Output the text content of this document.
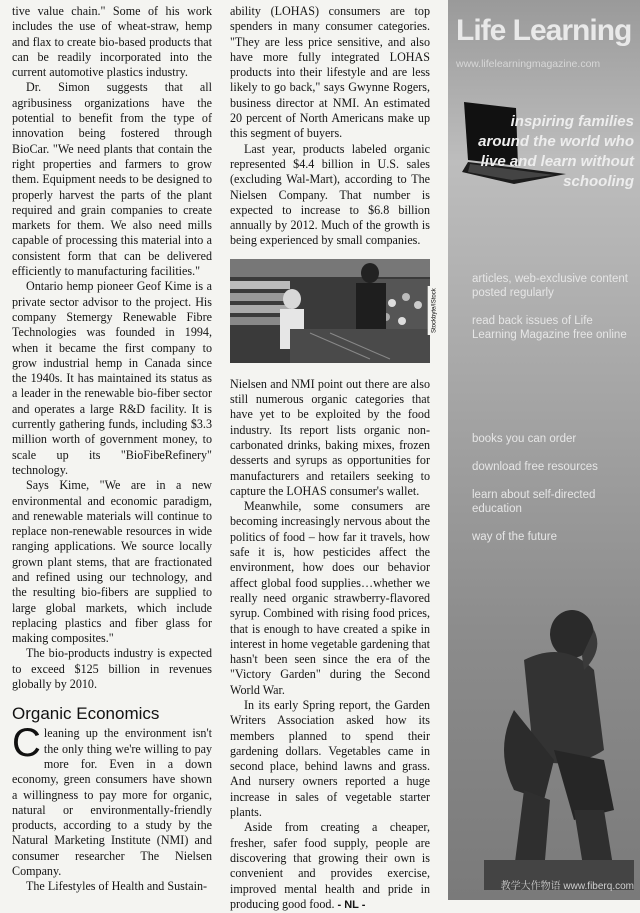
tive value chain." Some of his work includes the use of wheat-straw, hemp and flax to create bio-based products that can be readily incorporated into the current automotive plastics industry.

Dr. Simon suggests that all agribusiness organizations have the potential to benefit from the type of innovation being fostered through BioCar. "We need plants that contain the right properties and farmers to grow them. Equipment needs to be designed to properly harvest the parts of the plant required and grain companies to create markets for them. We also need mills capable of processing this material into a consistent form that can be delivered efficiently to manufacturing facilities."

Ontario hemp pioneer Geof Kime is a private sector advisor to the project. His company Stemergy Renewable Fibre Technologies was founded in 1994, when it became the first company to grow industrial hemp in Canada since the 1940s. It has maintained its status as a leader in the renewable bio-fiber sector and operates a large R&D facility. It is currently gathering funds, including $3.3 million worth of government money, to scale up its "BioFibeRefinery" technology.

Says Kime, "We are in a new environmental and economic paradigm, and renewable materials will continue to replace non-renewable resources in wide ranging applications. We source locally grown plant stems, that are fractionated and refined using our technology, and the resulting bio-fibers are supplied to large global markets, which include replacing plastics and fiber glass for making composites."

The bio-products industry is expected to exceed $125 billion in revenues globally by 2010.

Organic Economics

Cleaning up the environment isn't the only thing we're willing to pay more for. Even in a down economy, green consumers have shown a willingness to pay more for organic, natural or environmentally-friendly products, according to a study by the Natural Marketing Institute (NMI) and consumer researcher The Nielsen Company.

The Lifestyles of Health and Sustain-

ability (LOHAS) consumers are top spenders in many consumer categories. "They are less price sensitive, and also have more fully integrated LOHAS products into their lifestyle and are less likely to go back," says Gwynne Rogers, business director at NMI. An estimated 20 percent of North Americans make up this segment of buyers.

Last year, products labeled organic represented $4.4 billion in U.S. sales (excluding Wal-Mart), according to The Nielsen Company. That number is expected to increase to $6.8 billion annually by 2012. Much of the growth is being experienced by small companies.

Stockbyte/IStock

Nielsen and NMI point out there are also still numerous organic categories that have yet to be exploited by the food industry. Its report lists organic non-carbonated drinks, baking mixes, frozen desserts and syrups as opportunities for manufacturers and retailers seeking to capture the LOHAS consumer's wallet.

Meanwhile, some consumers are becoming increasingly nervous about the politics of food – how far it travels, how safe it is, how pesticides affect the environment, how does our behavior affect global food supplies…whether we really need organic strawberry-flavored syrup. Combined with rising food prices, that is enough to have created a spike in interest in home vegetable gardening that hasn't been seen since the era of the "Victory Garden" during the Second World War.

In its early Spring report, the Garden Writers Association asked how its members planned to spend their gardening dollars. Vegetables came in second place, behind lawns and grass. And nursery owners reported a huge increase in sales of vegetable starter plants.

Aside from creating a cheaper, fresher, safer food supply, people are discovering that growing their own is convenient and provides exercise, improved mental health and pride in producing good food. - NL -

Life Learning
www.lifelearningmagazine.com
inspiring families around the world who live and learn without schooling
articles, web-exclusive content posted regularly
read back issues of Life Learning Magazine free online
books you can order
download free resources
learn about self-directed education
way of the future
教学大作物语 www.fiberq.com
